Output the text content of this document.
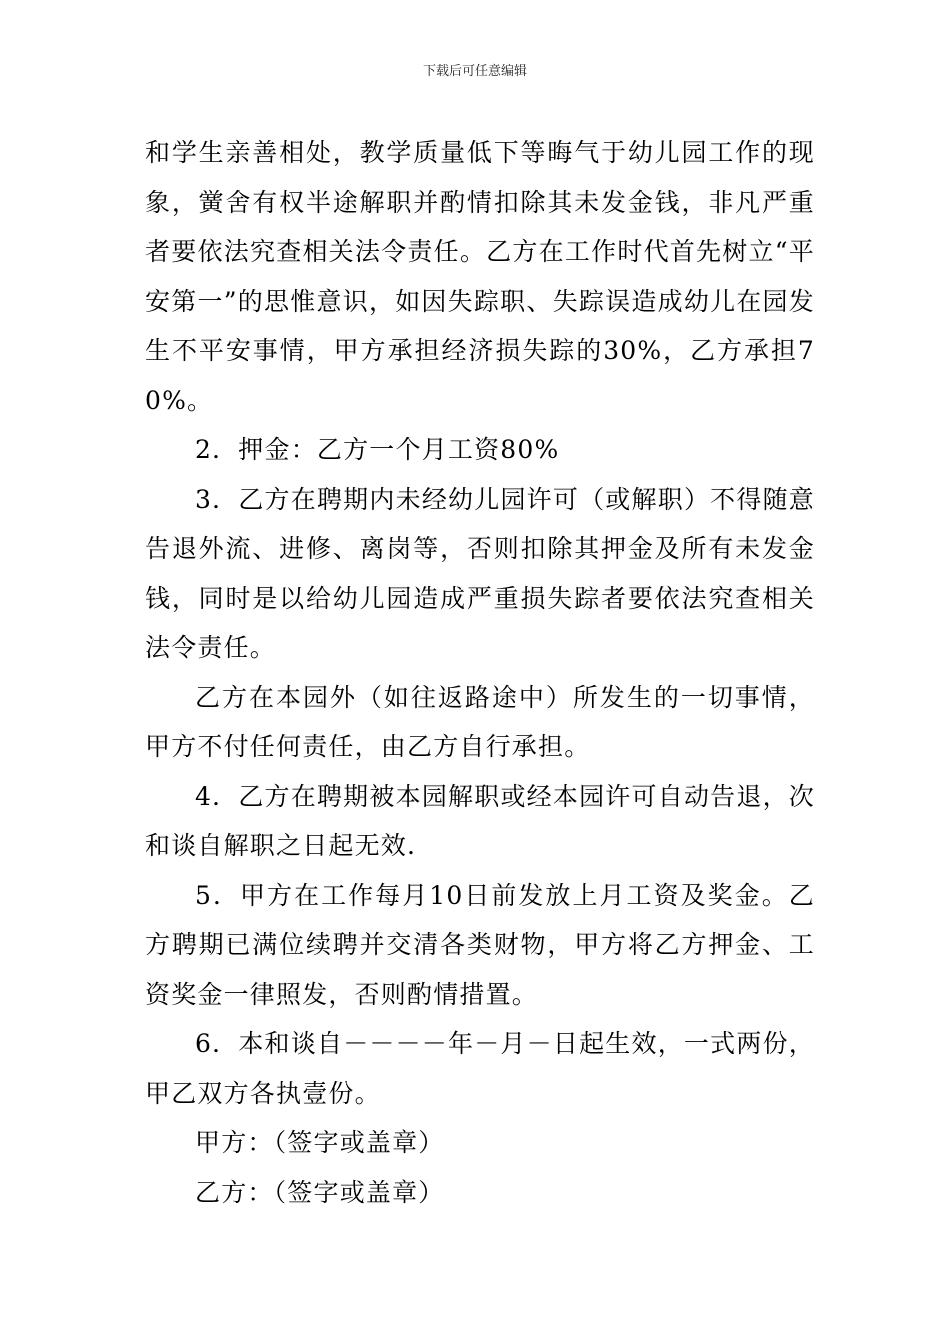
下载后可任意编辑

和学生亲善相处，教学质量低下等晦气于幼儿园工作的现象，黉舍有权半途解职并酌情扣除其未发金钱，非凡严重者要依法究查相关法令责任。乙方在工作时代首先树立“平安第一”的思惟意识，如因失踪职、失踪误造成幼儿在园发生不平安事情，甲方承担经济损失踪的30%，乙方承担70%。

2．押金：乙方一个月工资80%

3．乙方在聘期内未经幼儿园许可（或解职）不得随意告退外流、进修、离岗等，否则扣除其押金及所有未发金钱，同时是以给幼儿园造成严重损失踪者要依法究查相关法令责任。

乙方在本园外（如往返路途中）所发生的一切事情，甲方不付任何责任，由乙方自行承担。

4．乙方在聘期被本园解职或经本园许可自动告退，次和谈自解职之日起无效.

5．甲方在工作每月10日前发放上月工资及奖金。乙方聘期已满位续聘并交清各类财物，甲方将乙方押金、工资奖金一律照发，否则酌情措置。

6．本和谈自－－－－年－月－日起生效，一式两份，甲乙双方各执壹份。

甲方：（签字或盖章）

乙方：（签字或盖章）
